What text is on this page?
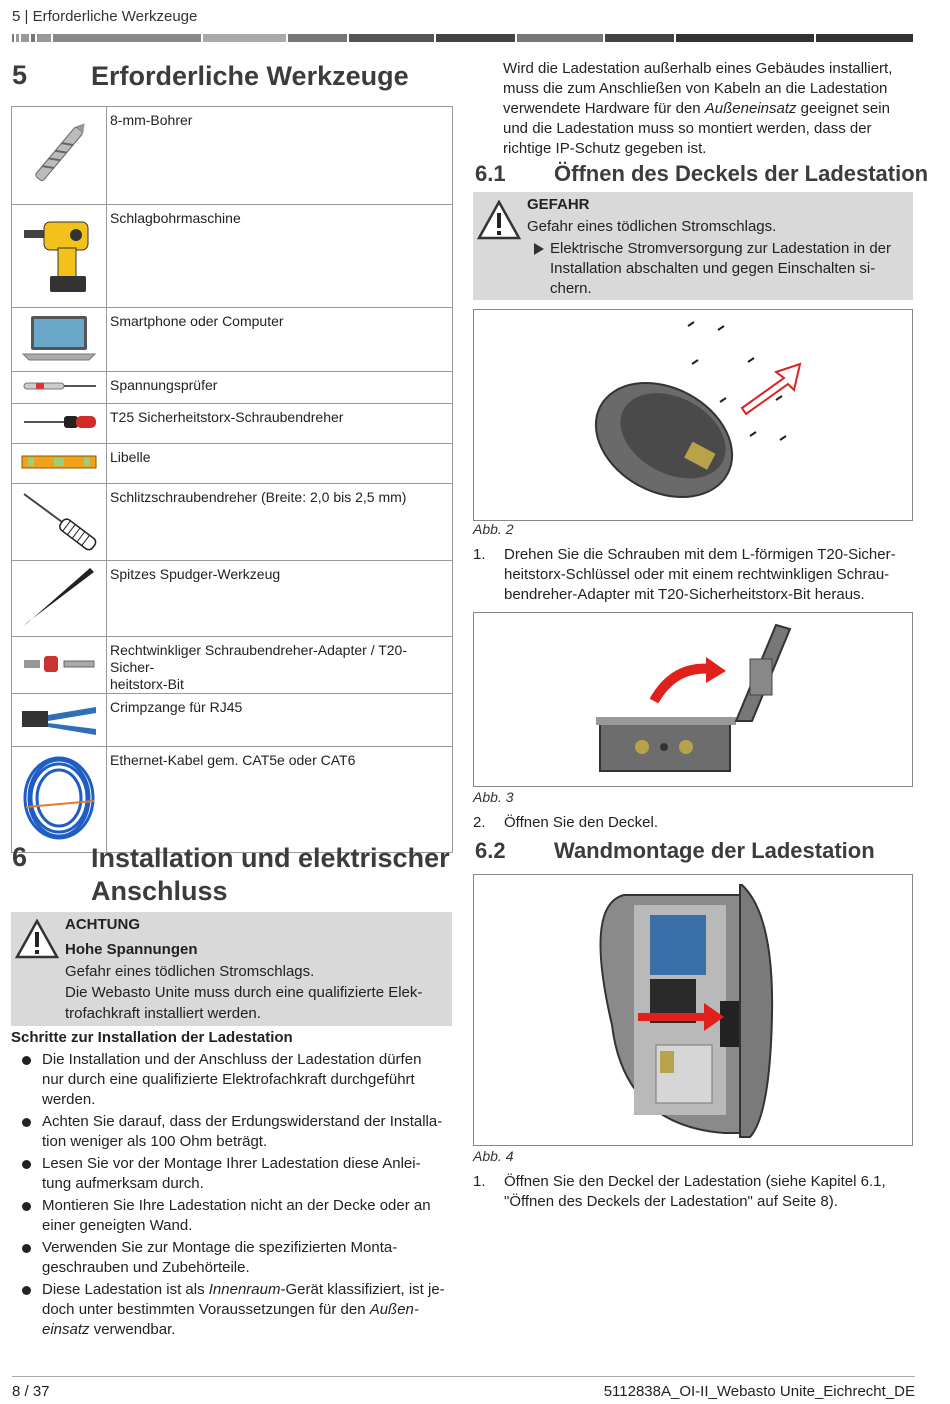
5 | Erforderliche Werkzeuge
5 Erforderliche Werkzeuge
	8-mm-Bohrer
	Schlagbohrmaschine
	Smartphone oder Computer
	Spannungsprüfer
	T25 Sicherheitstorx-Schraubendreher
	Libelle
	Schlitzschraubendreher (Breite: 2,0 bis 2,5 mm)
	Spitzes Spudger-Werkzeug
	Rechtwinkliger Schraubendreher-Adapter / T20-Sicher-
heitstorx-Bit
	Crimpzange für RJ45
	Ethernet-Kabel gem. CAT5e oder CAT6
6 Installation und elektrischer
Anschluss
ACHTUNG
Hohe Spannungen
Gefahr eines tödlichen Stromschlags.
Die Webasto Unite muss durch eine qualifizierte Elek-
trofachkraft installiert werden.
Schritte zur Installation der Ladestation
Die Installation und der Anschluss der Ladestation dürfen
nur durch eine qualifizierte Elektrofachkraft durchgeführt
werden.
Achten Sie darauf, dass der Erdungswiderstand der Installa-
tion weniger als 100 Ohm beträgt.
Lesen Sie vor der Montage Ihrer Ladestation diese Anlei-
tung aufmerksam durch.
Montieren Sie Ihre Ladestation nicht an der Decke oder an
einer geneigten Wand.
Verwenden Sie zur Montage die spezifizierten Monta-
geschrauben und Zubehörteile.
Diese Ladestation ist als Innenraum-Gerät klassifiziert, ist je-
doch unter bestimmten Voraussetzungen für den Außen-
einsatz verwendbar.
Wird die Ladestation außerhalb eines Gebäudes installiert,
muss die zum Anschließen von Kabeln an die Ladestation
verwendete Hardware für den Außeneinsatz geeignet sein
und die Ladestation muss so montiert werden, dass der
richtige IP-Schutz gegeben ist.
6.1 Öffnen des Deckels der Ladestation
GEFAHR
Gefahr eines tödlichen Stromschlags.
Elektrische Stromversorgung zur Ladestation in der
Installation abschalten und gegen Einschalten si-
chern.
Abb. 2
1. Drehen Sie die Schrauben mit dem L-förmigen T20-Sicher-
heitstorx-Schlüssel oder mit einem rechtwinkligen Schrau-
bendreher-Adapter mit T20-Sicherheitstorx-Bit heraus.
Abb. 3
2. Öffnen Sie den Deckel.
6.2 Wandmontage der Ladestation
Abb. 4
1. Öffnen Sie den Deckel der Ladestation (siehe Kapitel 6.1,
"Öffnen des Deckels der Ladestation" auf Seite 8).
8 / 37	5112838A_OI-II_Webasto Unite_Eichrecht_DE
